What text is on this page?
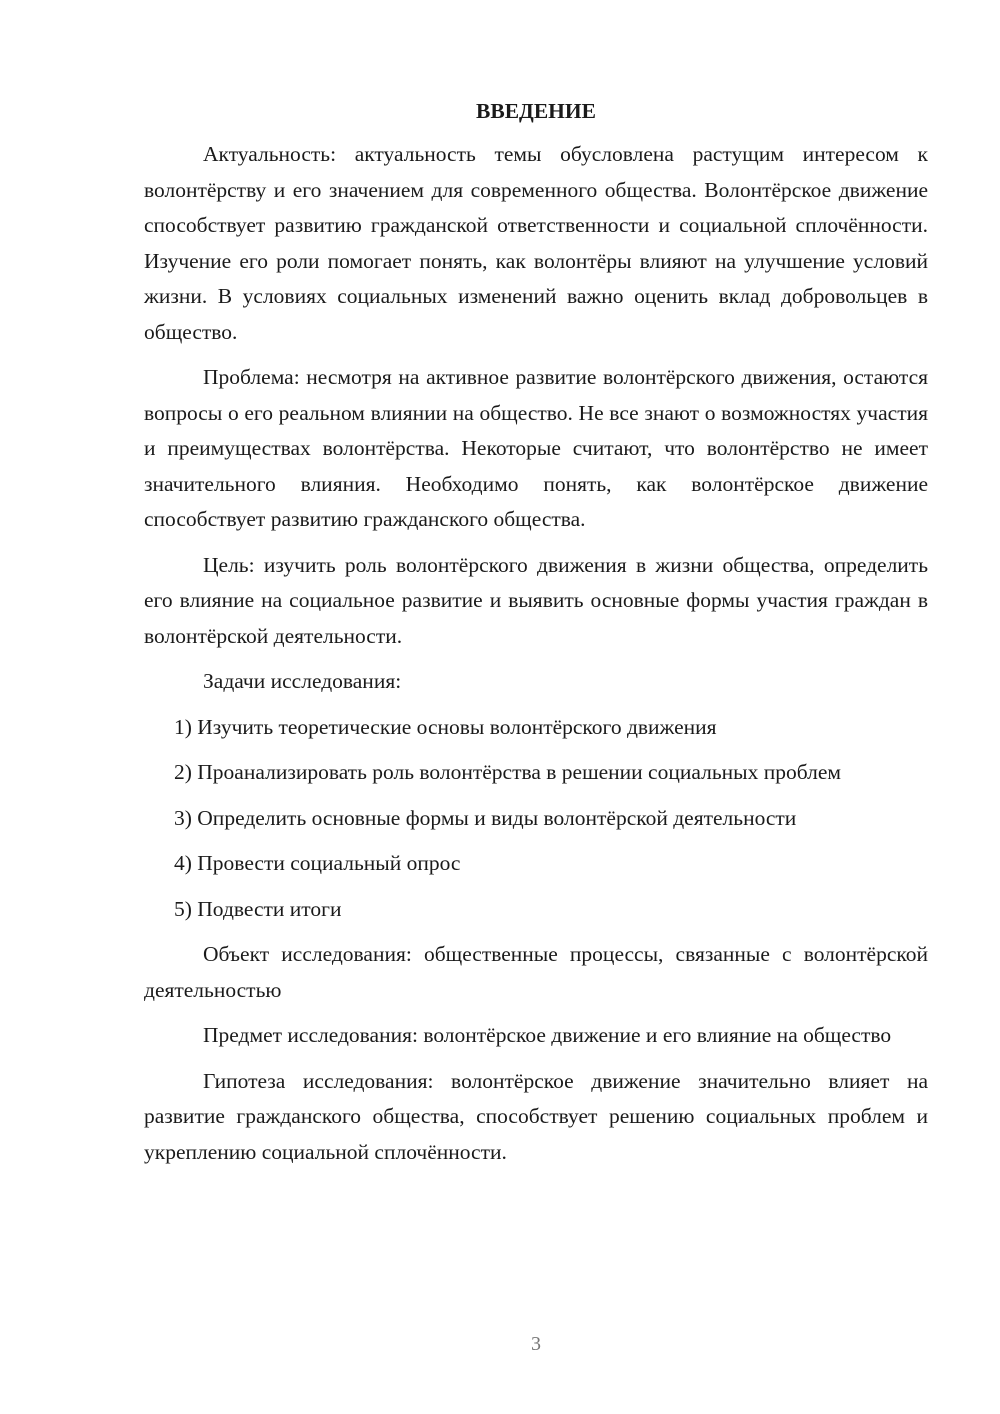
ВВЕДЕНИЕ
Актуальность: актуальность темы обусловлена растущим интересом к волонтёрству и его значением для современного общества. Волонтёрское движение способствует развитию гражданской ответственности и социальной сплочённости. Изучение его роли помогает понять, как волонтёры влияют на улучшение условий жизни. В условиях социальных изменений важно оценить вклад добровольцев в общество.
Проблема: несмотря на активное развитие волонтёрского движения, остаются вопросы о его реальном влиянии на общество. Не все знают о возможностях участия и преимуществах волонтёрства. Некоторые считают, что волонтёрство не имеет значительного влияния. Необходимо понять, как волонтёрское движение способствует развитию гражданского общества.
Цель: изучить роль волонтёрского движения в жизни общества, определить его влияние на социальное развитие и выявить основные формы участия граждан в волонтёрской деятельности.
Задачи исследования:
1) Изучить теоретические основы волонтёрского движения
2) Проанализировать роль волонтёрства в решении социальных проблем
3) Определить основные формы и виды волонтёрской деятельности
4) Провести социальный опрос
5) Подвести итоги
Объект исследования: общественные процессы, связанные с волонтёрской деятельностью
Предмет исследования: волонтёрское движение и его влияние на общество
Гипотеза исследования: волонтёрское движение значительно влияет на развитие гражданского общества, способствует решению социальных проблем и укреплению социальной сплочённости.
3
